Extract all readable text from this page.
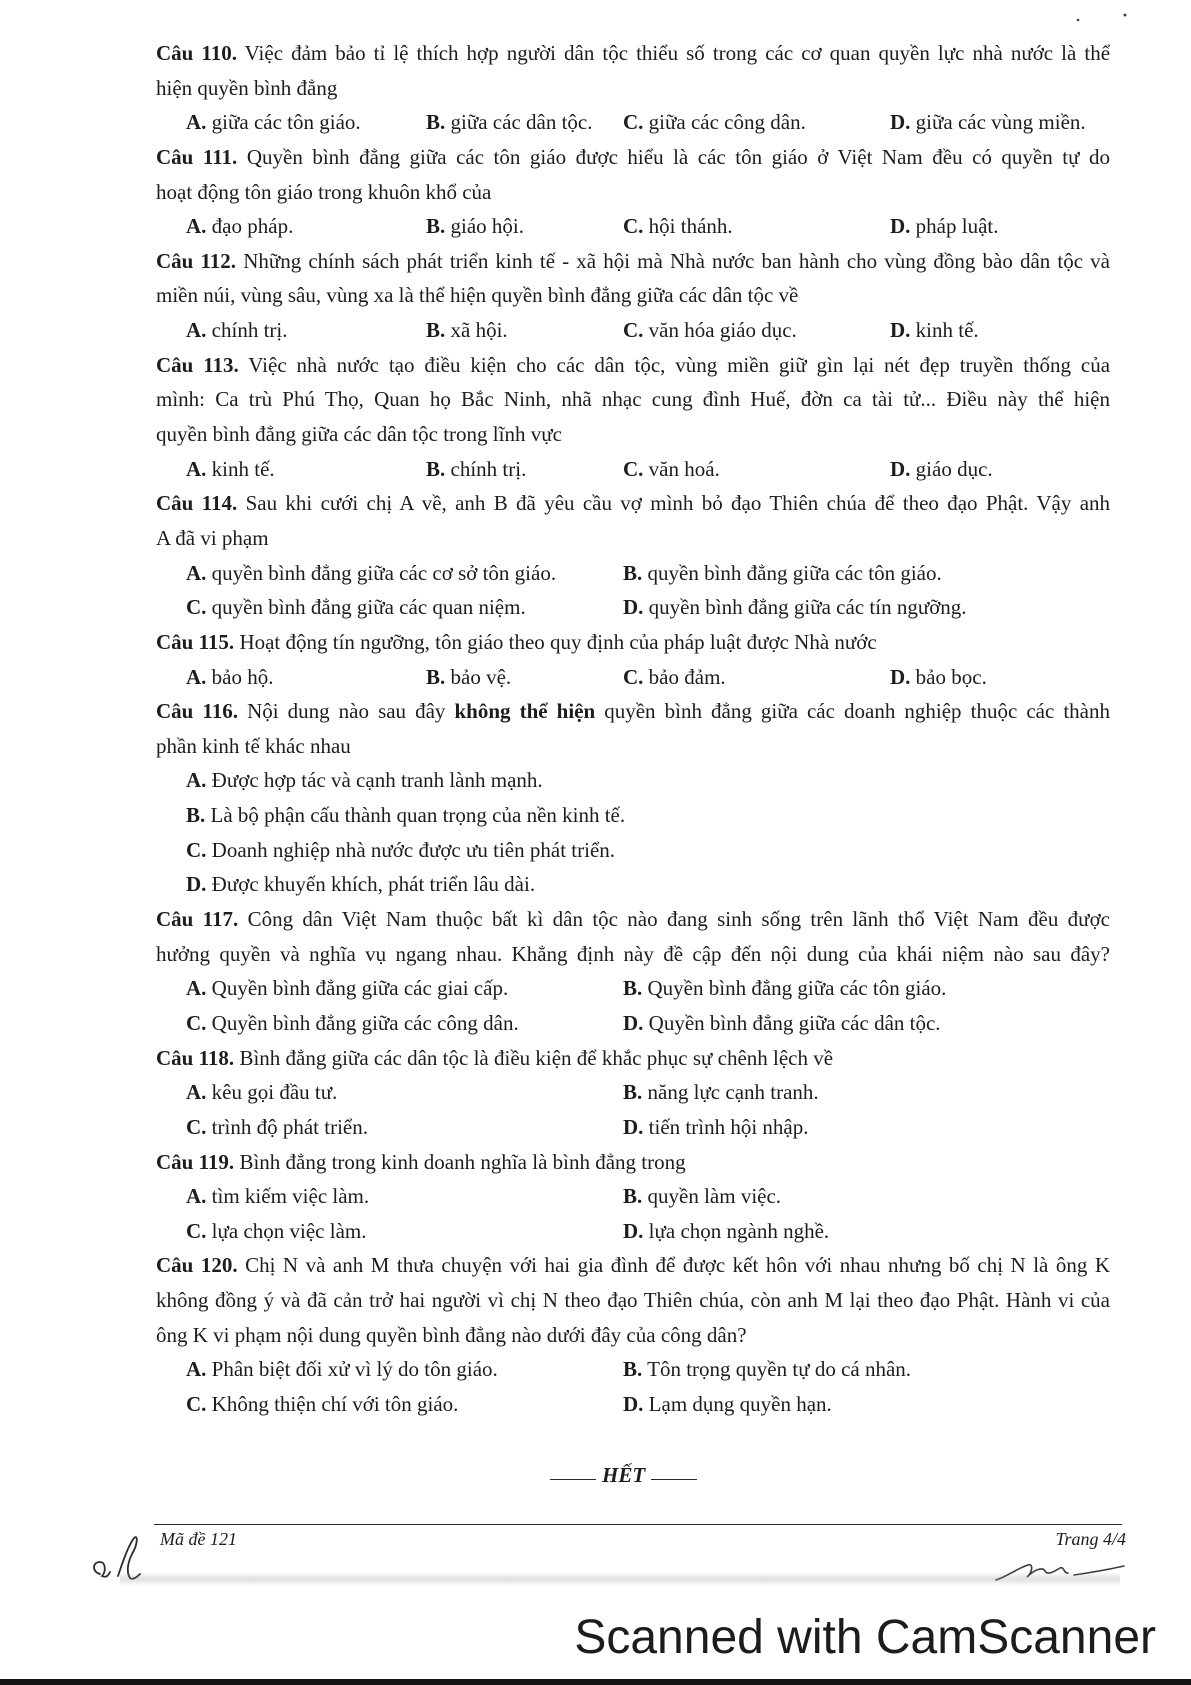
Câu 110. Việc đảm bảo tỉ lệ thích hợp người dân tộc thiểu số trong các cơ quan quyền lực nhà nước là thể
hiện quyền bình đẳng
A. giữa các tôn giáo.	B. giữa các dân tộc. C. giữa các công dân.	D. giữa các vùng miền.
Câu 111. Quyền bình đẳng giữa các tôn giáo được hiểu là các tôn giáo ở Việt Nam đều có quyền tự do
hoạt động tôn giáo trong khuôn khổ của
A. đạo pháp.	B. giáo hội.	C. hội thánh.	D. pháp luật.
Câu 112. Những chính sách phát triển kinh tế - xã hội mà Nhà nước ban hành cho vùng đồng bào dân tộc và
miền núi, vùng sâu, vùng xa là thể hiện quyền bình đẳng giữa các dân tộc về
A. chính trị.	B. xã hội.	C. văn hóa giáo dục.	D. kinh tế.
Câu 113. Việc nhà nước tạo điều kiện cho các dân tộc, vùng miền giữ gìn lại nét đẹp truyền thống của
mình: Ca trù Phú Thọ, Quan họ Bắc Ninh, nhã nhạc cung đình Huế, đờn ca tài tử... Điều này thể hiện
quyền bình đẳng giữa các dân tộc trong lĩnh vực
A. kinh tế.	B. chính trị.	C. văn hoá.	D. giáo dục.
Câu 114. Sau khi cưới chị A về, anh B đã yêu cầu vợ mình bỏ đạo Thiên chúa để theo đạo Phật. Vậy anh
A đã vi phạm
A. quyền bình đẳng giữa các cơ sở tôn giáo.	B. quyền bình đẳng giữa các tôn giáo.
C. quyền bình đẳng giữa các quan niệm.	D. quyền bình đẳng giữa các tín ngưỡng.
Câu 115. Hoạt động tín ngưỡng, tôn giáo theo quy định của pháp luật được Nhà nước
A. bảo hộ.	B. bảo vệ.	C. bảo đảm.	D. bảo bọc.
Câu 116. Nội dung nào sau đây không thể hiện quyền bình đẳng giữa các doanh nghiệp thuộc các thành
phần kinh tế khác nhau
A. Được hợp tác và cạnh tranh lành mạnh.
B. Là bộ phận cấu thành quan trọng của nền kinh tế.
C. Doanh nghiệp nhà nước được ưu tiên phát triển.
D. Được khuyến khích, phát triển lâu dài.
Câu 117. Công dân Việt Nam thuộc bất kì dân tộc nào đang sinh sống trên lãnh thổ Việt Nam đều được
hưởng quyền và nghĩa vụ ngang nhau. Khẳng định này đề cập đến nội dung của khái niệm nào sau đây?
A. Quyền bình đẳng giữa các giai cấp.	B. Quyền bình đẳng giữa các tôn giáo.
C. Quyền bình đẳng giữa các công dân.	D. Quyền bình đẳng giữa các dân tộc.
Câu 118. Bình đẳng giữa các dân tộc là điều kiện để khắc phục sự chênh lệch về
A. kêu gọi đầu tư.	B. năng lực cạnh tranh.
C. trình độ phát triển.	D. tiến trình hội nhập.
Câu 119. Bình đẳng trong kinh doanh nghĩa là bình đẳng trong
A. tìm kiếm việc làm.	B. quyền làm việc.
C. lựa chọn việc làm.	D. lựa chọn ngành nghề.
Câu 120. Chị N và anh M thưa chuyện với hai gia đình để được kết hôn với nhau nhưng bố chị N là ông K
không đồng ý và đã cản trở hai người vì chị N theo đạo Thiên chúa, còn anh M lại theo đạo Phật. Hành vi của
ông K vi phạm nội dung quyền bình đẳng nào dưới đây của công dân?
A. Phân biệt đối xử vì lý do tôn giáo.	B. Tôn trọng quyền tự do cá nhân.
C. Không thiện chí với tôn giáo.	D. Lạm dụng quyền hạn.
HẾT
Mã đề 121	Trang 4/4
Scanned with CamScanner
